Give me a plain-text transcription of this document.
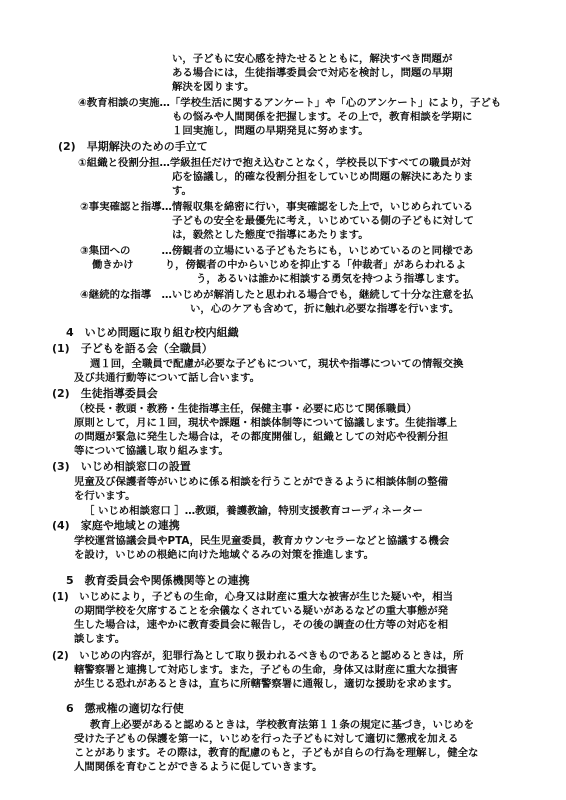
い，子どもに安心感を持たせるとともに，解決すべき問題が
ある場合には，生徒指導委員会で対応を検討し，問題の早期
解決を図ります。
④教育相談の実施…「学校生活に関するアンケート」や「心のアンケート」により，子ども
もの悩みや人間関係を把握します。その上で，教育相談を学期に
１回実施し，問題の早期発見に努めます。
(2)　早期解決のための手立て
①組織と役割分担…学級担任だけで抱え込むことなく，学校長以下すべての職員が対
応を協議し，的確な役割分担をしていじめ問題の解決にあたりま
す。
②事実確認と指導…情報収集を綿密に行い，事実確認をした上で，いじめられている
子どもの安全を最優先に考え，いじめている側の子どもに対して
は，毅然とした態度で指導にあたります。
③集団への　　　…傍観者の立場にいる子どもたちにも，いじめているのと同様であ
働きかけ　　　り，傍観者の中からいじめを抑止する「仲裁者」があらわれるよ
う，あるいは誰かに相談する勇気を持つよう指導します。
④継続的な指導　…いじめが解消したと思われる場合でも，継続して十分な注意を払
い，心のケアも含めて，折に触れ必要な指導を行います。
4　いじめ問題に取り組む校内組織
(1)　子どもを語る会（全職員）
週１回，全職員で配慮が必要な子どもについて，現状や指導についての情報交換
及び共通行動等について話し合います。
(2)　生徒指導委員会
（校長・教頭・教務・生徒指導主任，保健主事・必要に応じて関係職員）
原則として，月に１回，現状や課題・相談体制等について協議します。生徒指導上
の問題が緊急に発生した場合は，その都度開催し，組織としての対応や役割分担
等について協議し取り組みます。
(3)　いじめ相談窓口の設置
児童及び保護者等がいじめに係る相談を行うことができるように相談体制の整備
を行います。
［ いじめ相談窓口 ］…教頭，養護教諭，特別支援教育コーディネーター
(4)　家庭や地域との連携
学校運営協議会員やPTA，民生児童委員，教育カウンセラーなどと協議する機会
を設け，いじめの根絶に向けた地域ぐるみの対策を推進します。
5　教育委員会や関係機関等との連携
(1)　いじめにより，子どもの生命，心身又は財産に重大な被害が生じた疑いや，相当
の期間学校を欠席することを余儀なくされている疑いがあるなどの重大事態が発
生した場合は，速やかに教育委員会に報告し，その後の調査の仕方等の対応を相
談します。
(2)　いじめの内容が，犯罪行為として取り扱われるべきものであると認めるときは，所
轄警察署と連携して対応します。また，子どもの生命，身体又は財産に重大な損害
が生じる恐れがあるときは，直ちに所轄警察署に通報し，適切な援助を求めます。
6　懲戒権の適切な行使
教育上必要があると認めるときは，学校教育法第１１条の規定に基づき，いじめを
受けた子どもの保護を第一に，いじめを行った子どもに対して適切に懲戒を加える
ことがあります。その際は，教育的配慮のもと，子どもが自らの行為を理解し，健全な
人間関係を育むことができるように促していきます。
